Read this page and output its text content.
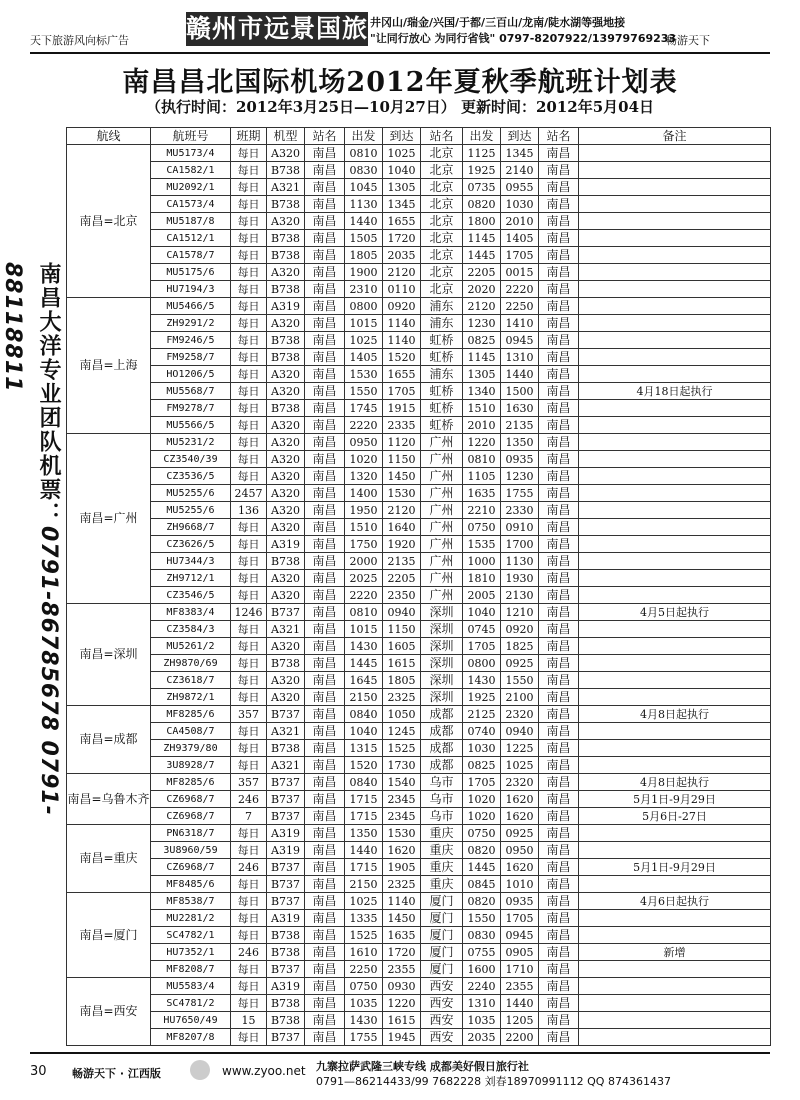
天下旅游风向标广告 赣州市远景国旅 井冈山/瑞金/兴国/于都/三百山/龙南/陡水湖等强地接
"让同行放心 为同行省钱" 0797-8207922/13979769233
畅游天下
南昌昌北国际机场2012年夏秋季航班计划表
（执行时间：2012年3月25日—10月27日） 更新时间：2012年5月04日
南昌大洋专业团队机票：0791-86785678 0791-88118811
航线	航班号	班期	机型	站名	出发	到达	站名	出发	到达	站名	备注
南昌=北京	MU5173/4	每日	A320	南昌	0810	1025	北京	1125	1345	南昌	
	CA1582/1	每日	B738	南昌	0830	1040	北京	1925	2140	南昌	
	MU2092/1	每日	A321	南昌	1045	1305	北京	0735	0955	南昌	
	CA1573/4	每日	B738	南昌	1130	1345	北京	0820	1030	南昌	
	MU5187/8	每日	A320	南昌	1440	1655	北京	1800	2010	南昌	
	CA1512/1	每日	B738	南昌	1505	1720	北京	1145	1405	南昌	
	CA1578/7	每日	B738	南昌	1805	2035	北京	1445	1705	南昌	
	MU5175/6	每日	A320	南昌	1900	2120	北京	2205	0015	南昌	
	HU7194/3	每日	B738	南昌	2310	0110	北京	2020	2220	南昌	
南昌=上海	MU5466/5	每日	A319	南昌	0800	0920	浦东	2120	2250	南昌	
	ZH9291/2	每日	A320	南昌	1015	1140	浦东	1230	1410	南昌	
	FM9246/5	每日	B738	南昌	1025	1140	虹桥	0825	0945	南昌	
	FM9258/7	每日	B738	南昌	1405	1520	虹桥	1145	1310	南昌	
	HO1206/5	每日	A320	南昌	1530	1655	浦东	1305	1440	南昌	
	MU5568/7	每日	A320	南昌	1550	1705	虹桥	1340	1500	南昌	4月18日起执行
	FM9278/7	每日	B738	南昌	1745	1915	虹桥	1510	1630	南昌	
	MU5566/5	每日	A320	南昌	2220	2335	虹桥	2010	2135	南昌	
南昌=广州	MU5231/2	每日	A320	南昌	0950	1120	广州	1220	1350	南昌	
	CZ3540/39	每日	A320	南昌	1020	1150	广州	0810	0935	南昌	
	CZ3536/5	每日	A320	南昌	1320	1450	广州	1105	1230	南昌	
	MU5255/6	2457	A320	南昌	1400	1530	广州	1635	1755	南昌	
	MU5255/6	136	A320	南昌	1950	2120	广州	2210	2330	南昌	
	ZH9668/7	每日	A320	南昌	1510	1640	广州	0750	0910	南昌	
	CZ3626/5	每日	A319	南昌	1750	1920	广州	1535	1700	南昌	
	HU7344/3	每日	B738	南昌	2000	2135	广州	1000	1130	南昌	
	ZH9712/1	每日	A320	南昌	2025	2205	广州	1810	1930	南昌	
	CZ3546/5	每日	A320	南昌	2220	2350	广州	2005	2130	南昌	
南昌=深圳	MF8383/4	1246	B737	南昌	0810	0940	深圳	1040	1210	南昌	4月5日起执行
	CZ3584/3	每日	A321	南昌	1015	1150	深圳	0745	0920	南昌	
	MU5261/2	每日	A320	南昌	1430	1605	深圳	1705	1825	南昌	
	ZH9870/69	每日	B738	南昌	1445	1615	深圳	0800	0925	南昌	
	CZ3618/7	每日	A320	南昌	1645	1805	深圳	1430	1550	南昌	
	ZH9872/1	每日	A320	南昌	2150	2325	深圳	1925	2100	南昌	
南昌=成都	MF8285/6	357	B737	南昌	0840	1050	成都	2125	2320	南昌	4月8日起执行
	CA4508/7	每日	A321	南昌	1040	1245	成都	0740	0940	南昌	
	ZH9379/80	每日	B738	南昌	1315	1525	成都	1030	1225	南昌	
	3U8928/7	每日	A321	南昌	1520	1730	成都	0825	1025	南昌	
南昌=乌鲁木齐	MF8285/6	357	B737	南昌	0840	1540	乌市	1705	2320	南昌	4月8日起执行
	CZ6968/7	246	B737	南昌	1715	2345	乌市	1020	1620	南昌	5月1日-9月29日
	CZ6968/7	7	B737	南昌	1715	2345	乌市	1020	1620	南昌	5月6日-27日
南昌=重庆	PN6318/7	每日	A319	南昌	1350	1530	重庆	0750	0925	南昌	
	3U8960/59	每日	A319	南昌	1440	1620	重庆	0820	0950	南昌	
	CZ6968/7	246	B737	南昌	1715	1905	重庆	1445	1620	南昌	5月1日-9月29日
	MF8485/6	每日	B737	南昌	2150	2325	重庆	0845	1010	南昌	
南昌=厦门	MF8538/7	每日	B737	南昌	1025	1140	厦门	0820	0935	南昌	4月6日起执行
	MU2281/2	每日	A319	南昌	1335	1450	厦门	1550	1705	南昌	
	SC4782/1	每日	B738	南昌	1525	1635	厦门	0830	0945	南昌	
	HU7352/1	246	B738	南昌	1610	1720	厦门	0755	0905	南昌	新增
	MF8208/7	每日	B737	南昌	2250	2355	厦门	1600	1710	南昌	
南昌=西安	MU5583/4	每日	A319	南昌	0750	0930	西安	2240	2355	南昌	
	SC4781/2	每日	B738	南昌	1035	1220	西安	1310	1440	南昌	
	HU7650/49	15	B738	南昌	1430	1615	西安	1035	1205	南昌	
	MF8207/8	每日	B737	南昌	1755	1945	西安	2035	2200	南昌	
30 畅游天下 · 江西版	www.zyoo.net 九寨拉萨武隆三峡专线 成都美好假日旅行社
0791—86214433/99 7682228 刘春18970991112 QQ 874361437
